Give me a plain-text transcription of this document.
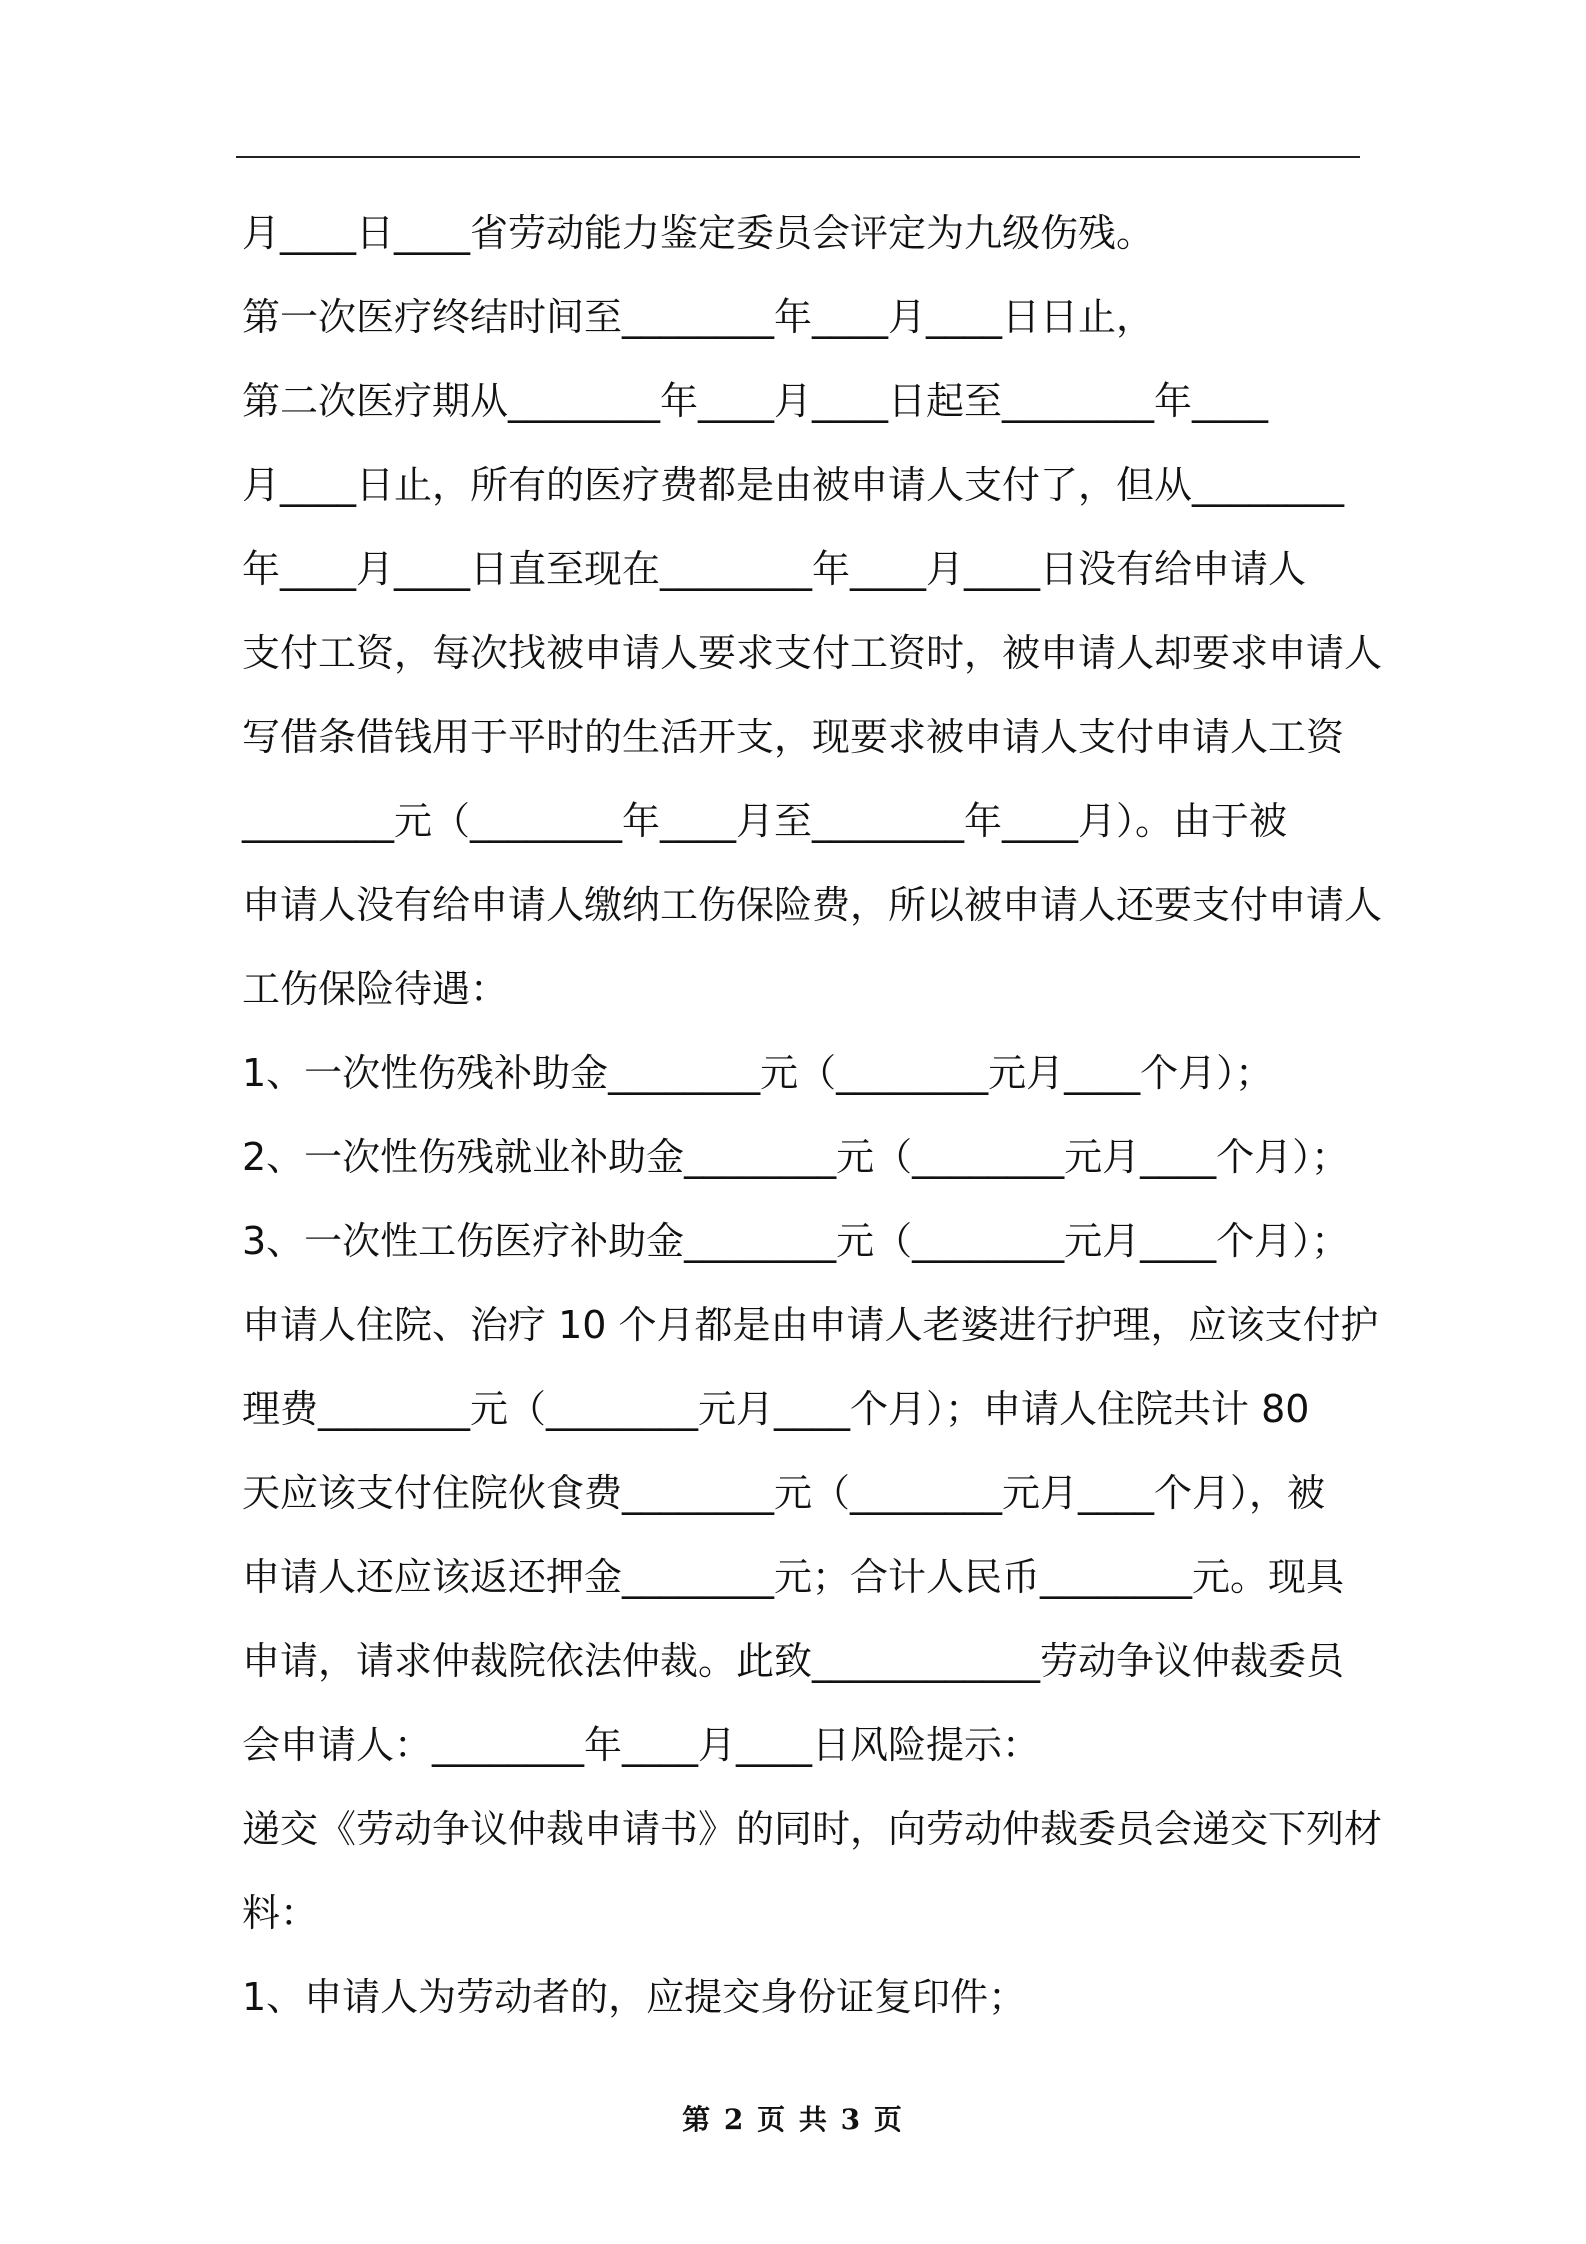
月____日____省劳动能力鉴定委员会评定为九级伤残。
第一次医疗终结时间至________年____月____日日止，
第二次医疗期从________年____月____日起至________年____
月____日止，所有的医疗费都是由被申请人支付了，但从________
年____月____日直至现在________年____月____日没有给申请人
支付工资，每次找被申请人要求支付工资时，被申请人却要求申请人
写借条借钱用于平时的生活开支，现要求被申请人支付申请人工资
________元（________年____月至________年____月）。由于被
申请人没有给申请人缴纳工伤保险费，所以被申请人还要支付申请人
工伤保险待遇：
1、一次性伤残补助金________元（________元月____个月）；
2、一次性伤残就业补助金________元（________元月____个月）；
3、一次性工伤医疗补助金________元（________元月____个月）；
申请人住院、治疗 10 个月都是由申请人老婆进行护理，应该支付护
理费________元（________元月____个月）；申请人住院共计 80
天应该支付住院伙食费________元（________元月____个月），被
申请人还应该返还押金________元；合计人民币________元。现具
申请，请求仲裁院依法仲裁。此致____________劳动争议仲裁委员
会申请人：________年____月____日风险提示：
递交《劳动争议仲裁申请书》的同时，向劳动仲裁委员会递交下列材
料：
1、申请人为劳动者的，应提交身份证复印件；
第 2 页 共 3 页
